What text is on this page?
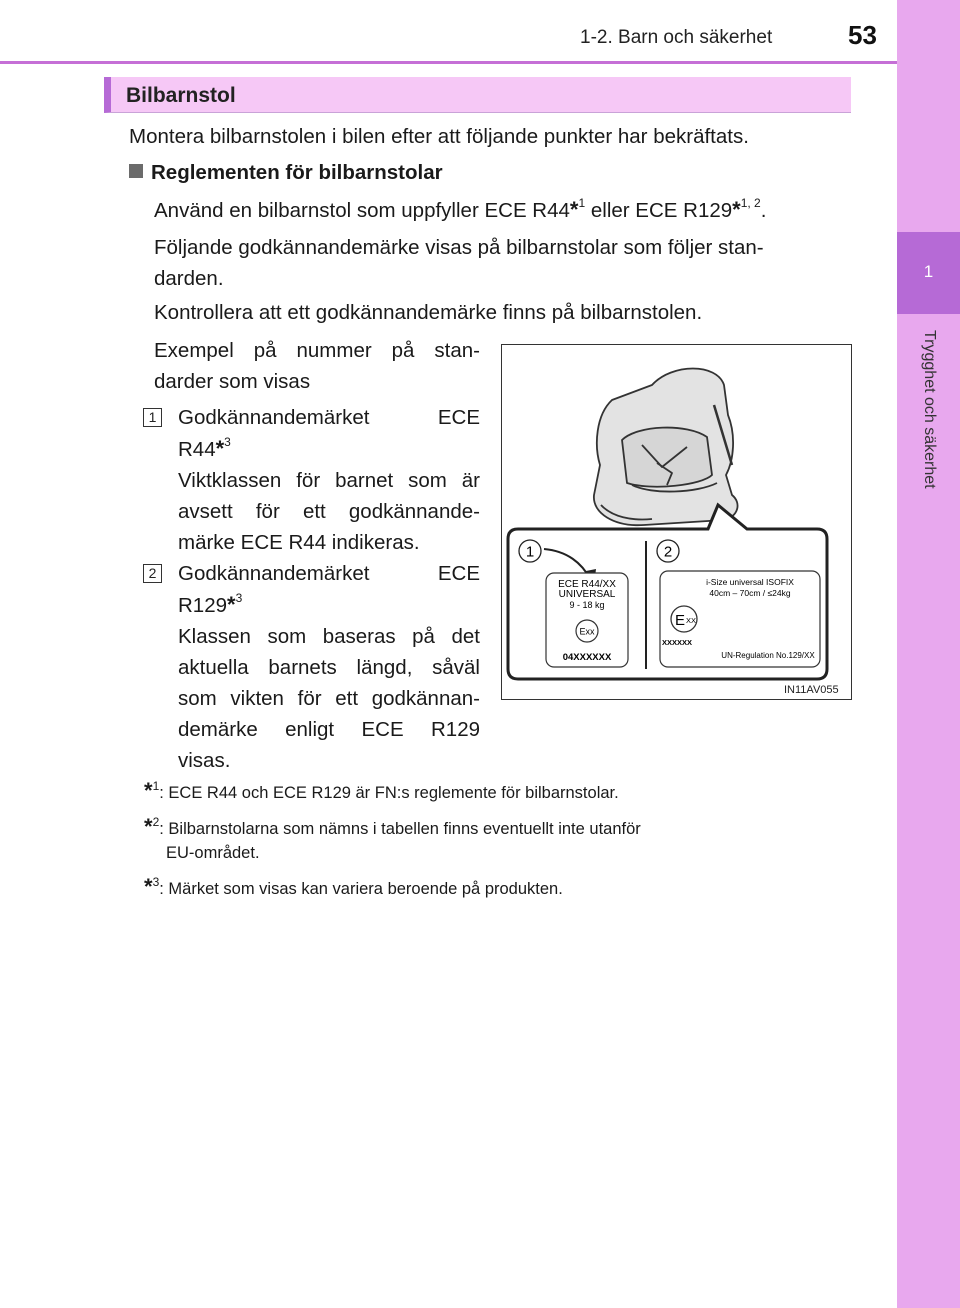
1-2. Barn och säkerhet	53
1
Trygghet och säkerhet
Bilbarnstol
Montera bilbarnstolen i bilen efter att följande punkter har bekräftats.
Reglementen för bilbarnstolar
Använd en bilbarnstol som uppfyller ECE R44*$^1$ eller ECE R129*$^{1, 2}$.
Följande godkännandemärke visas på bilbarnstolar som följer stan-
darden.
Kontrollera att ett godkännandemärke finns på bilbarnstolen.
Exempel på nummer på stan-
darder som visas
1 Godkännandemärket ECE
R44*$^3$
Viktklassen för barnet som är
avsett för ett godkännande-
märke ECE R44 indikeras.
2 Godkännandemärket ECE
R129*$^3$
Klassen som baseras på det
aktuella barnets längd, såväl
som vikten för ett godkännan-
demärke enligt ECE R129
visas.
1	2
ECE R44/XX
UNIVERSAL
9 - 18 kg
Exx
04XXXXXX
i-Size universal ISOFIX
40cm – 70cm / ≤24kg
E XX
XXXXXX
UN-Regulation No.129/XX
IN11AV055
*$^1$: ECE R44 och ECE R129 är FN:s reglemente för bilbarnstolar.
*$^2$: Bilbarnstolarna som nämns i tabellen finns eventuellt inte utanför
EU-området.
*$^3$: Märket som visas kan variera beroende på produkten.
